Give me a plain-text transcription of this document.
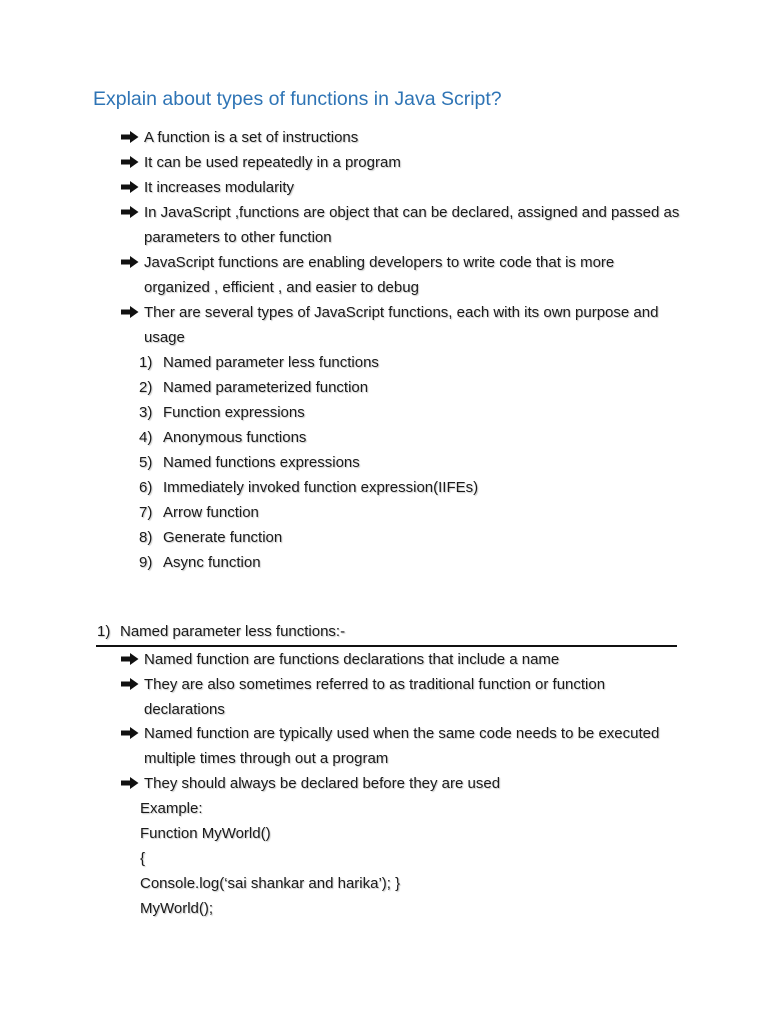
Explain about types of functions in Java Script?
A function is a set of instructions
It can be used repeatedly in a program
It increases modularity
In JavaScript ,functions are object that can be declared, assigned and passed as parameters to other function
JavaScript functions are enabling developers to write code that is more organized , efficient , and easier to debug
Ther are several types of JavaScript functions, each with its own purpose and usage
1) Named parameter less functions
2) Named parameterized function
3) Function expressions
4) Anonymous functions
5) Named functions expressions
6) Immediately invoked function expression(IIFEs)
7) Arrow function
8) Generate function
9) Async function
1) Named parameter less functions:-
Named function are functions declarations that include a name
They are also sometimes referred to as traditional function or function declarations
Named function are typically used when the same code needs to be executed multiple times through out a program
They should always be declared before they are used
Example:
Function MyWorld()
{
Console.log(‘sai shankar and harika’); }
MyWorld();
